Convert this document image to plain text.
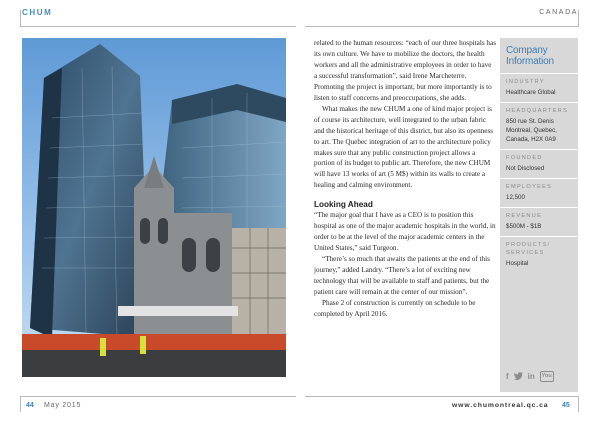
CHUM	CANADA

related to the human resources: “each of our three hospitals has its own culture. We have to mobilize the doctors, the health workers and all the administrative employees in order to have a successful transformation”, said Irene Marcheterre. Promoting the project is important, but more importantly is to listen to staff concerns and preoccupations, she adds.

What makes the new CHUM a one of kind major project is of course its architecture, well integrated to the urban fabric and the historical heritage of this district, but also its openness to art. The Quebec integration of art to the architecture policy makes sure that any public construction project allows a portion of its budget to public art. Therefore, the new CHUM will have 13 works of art (5 M$) within its walls to create a healing and calming environment.

Looking Ahead

“The major goal that I have as a CEO is to position this hospital as one of the major academic hospitals in the world, in order to be at the level of the major academic centers in the United States,” said Turgeon.

“There’s so much that awaits the patients at the end of this journey,” added Landry. “There’s a lot of exciting new technology that will be available to staff and patients, but the patient care will remain at the center of our mission”.

Phase 2 of construction is currently on schedule to be completed by April 2016.

Company Information
INDUSTRY
Healthcare Global
HEADQUARTERS
850 rue St. Denis
Montreal, Quebec,
Canada, H2X 0A9
FOUNDED
Not Disclosed
EMPLOYEES
12,500
REVENUE
$500M - $1B
PRODUCTS/ SERVICES
Hospital
f in	You
44 May 2015	www.chumontreal.qc.ca 45
